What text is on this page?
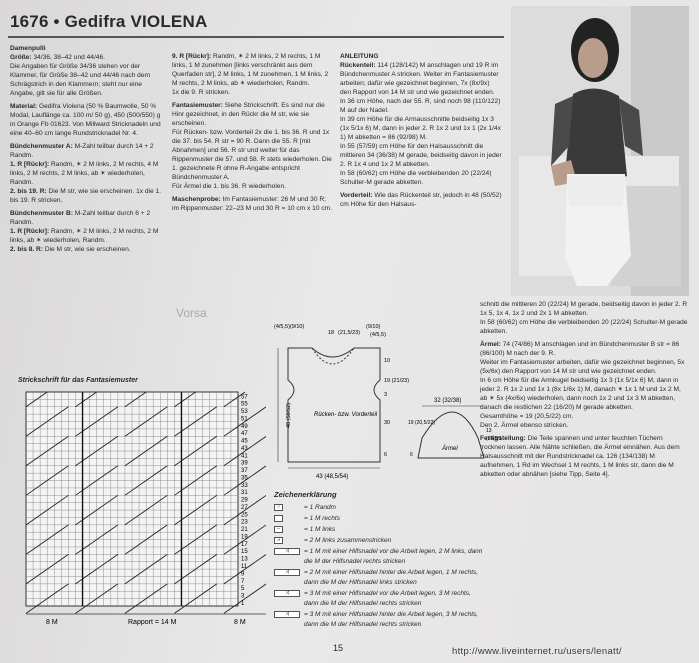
1676 • Gedifra VIOLENA

Damenpulli
Größe: 34/36, 38–42 und 44/46.
Die Angaben für Größe 34/36 stehen vor der Klammer, für Größe 38–42 und 44/46 nach dem Schrägstrich in den Klammern; steht nur eine Angabe, gilt sie für alle Größen.

Material: Gedifra Violena (50 % Baumwolle, 50 % Modal, Lauflänge ca. 100 m/ 50 g), 450 (500/550) g in Orange Fb 01623. Von Millward Stricknadeln und eine 40–60 cm lange Rundstricknadel Nr. 4.

Bündchenmuster A: M-Zahl teilbar durch 14 + 2 Randm.
1. R [Rückr]: Randm, ✶ 2 M links, 2 M rechts, 4 M links, 2 M rechts, 2 M links, ab ✶ wiederholen, Randm.
2. bis 19. R: Die M str, wie sie erscheinen. 1x die 1. bis 19. R stricken.

Bündchenmuster B: M-Zahl teilbar durch 6 + 2 Randm.
1. R [Rückr]: Randm, ✶ 2 M links, 2 M rechts, 2 M links, ab ✶ wiederholen, Randm.
2. bis 8. R: Die M str, wie sie erscheinen.

9. R [Rückr]: Randm, ✶ 2 M links, 2 M rechts, 1 M links, 1 M zunehmen [links verschränkt aus dem Querfaden str], 2 M links, 1 M zunehmen, 1 M links, 2 M rechts, 2 M links, ab ✶ wiederholen, Randm.
1x die 9. R stricken.

Fantasiemuster: Siehe Strickschrift. Es sind nur die Hinr gezeichnet, in den Rückr die M str, wie sie erscheinen.
Für Rücken- bzw. Vorderteil 2x die 1. bis 36. R und 1x die 37. bis 54. R str = 90 R. Dann die 55. R [mit Abnahmen] und 56. R str und weiter für das Rippenmuster die 57. und 58. R stets wiederholen. Die 1. gezeichnete R ohne R-Angabe entspricht Bündchenmuster A.
Für Ärmel die 1. bis 36. R wiederholen.

Maschenprobe: Im Fantasiemuster: 26 M und 30 R; im Rippenmuster: 22–23 M und 30 R = 10 cm x 10 cm.

ANLEITUNG
Rückenteil: 114 (128/142) M anschlagen und 19 R im Bündchenmuster A stricken. Weiter im Fantasiemuster arbeiten; dafür wie gezeichnet beginnen, 7x (8x/9x) den Rapport von 14 M str und wie gezeichnet enden.
In 36 cm Höhe, nach der 55. R, sind noch 98 (110/122) M auf der Nadel.
In 39 cm Höhe für die Armausschnitte beidseitig 1x 3 (1x 5/1x 6) M, dann in jeder 2. R 1x 2 und 1x 1 (2x 1/4x 1) M abketten = 86 (92/98) M.
In 55 (57/59) cm Höhe für den Halsausschnitt die mittleren 34 (36/38) M gerade, beidseitig davon in jeder 2. R 1x 4 und 1x 2 M abketten.
In 58 (60/62) cm Höhe die verbleibenden 20 (22/24) Schulter-M gerade abketten.

Vorderteil: Wie das Rückenteil str, jedoch in 48 (50/52) cm Höhe für den Halsaus-

schnitt die mittleren 20 (22/24) M gerade, beidseitig davon in jeder 2. R 1x 5, 1x 4, 1x 2 und 2x 1 M abketten.
In 58 (60/62) cm Höhe die verbleibenden 20 (22/24) Schulter-M gerade abketten.

Ärmel: 74 (74/86) M anschlagen und im Bündchenmuster B str = 86 (86/100) M nach der 9. R.
Weiter im Fantasiemuster arbeiten, dafür wie gezeichnet beginnen, 5x (5x/6x) den Rapport von 14 M str und wie gezeichnet enden.
In 6 cm Höhe für die Armkugel beidseitig 1x 3 (1x 5/1x 6) M, dann in jeder 2. R 1x 2 und 1x 1 (8x 1/6x 1) M, danach ✶ 1x 1 M und 1x 2 M, ab ✶ 5x (4x/6x) wiederholen, dann noch 1x 2 und 1x 3 M abketten, danach die restlichen 22 (16/20) M gerade abketten.
Gesamthöhe = 19 (20,5/22) cm.
Den 2. Ärmel ebenso stricken.

Fertigstellung: Die Teile spannen und unter feuchten Tüchern trocknen lassen. Alle Nähte schließen, die Ärmel einnähen. Aus dem Halsausschnitt mit der Rundstricknadel ca. 126 (134/138) M aufnehmen, 1 Rd im Wechsel 1 M rechts, 1 M links str, dann die M abketten oder abnähen [siehe Tipp, Seite 4].

Vorsa
Strickschrift für das Fantasiemuster
57
55
53
51
49
47
45
43
41
39
37
35
33
31
29
27
25
23
21
19
17
15
13
11
9
7
5
3
1
8 M	Rapport = 14 M	8 M
(4/5,5)(9/10)
18 (21,5/23)
(9/10)
(4/5,5)
Rücken- bzw. Vorderteil
43 (48,5/54)
48 (50/52)
10
19 (21/23)
3
30
6
32 (32/38)
Ärmel
13
(14,5/1
19 (20,5/22)
6
Zeichenerklärung
○	= 1 Randm
= 1 M rechts
–	= 1 M links
⩘	= 2 M links zusammenstricken
⤨	= 1 M mit einer Hilfsnadel vor die Arbeit legen, 2 M links, dann die M der Hilfsnadel rechts stricken
⤨	= 2 M mit einer Hilfsnadel hinter die Arbeit legen, 1 M rechts, dann die M der Hilfsnadel links stricken
⤨	= 3 M mit einer Hilfsnadel vor die Arbeit legen, 3 M rechts, dann die M der Hilfsnadel rechts stricken
⤨	= 3 M mit einer Hilfsnadel hinter die Arbeit legen, 3 M rechts, dann die M der Hilfsnadel rechts stricken
15	http://www.liveinternet.ru/users/lenatt/
